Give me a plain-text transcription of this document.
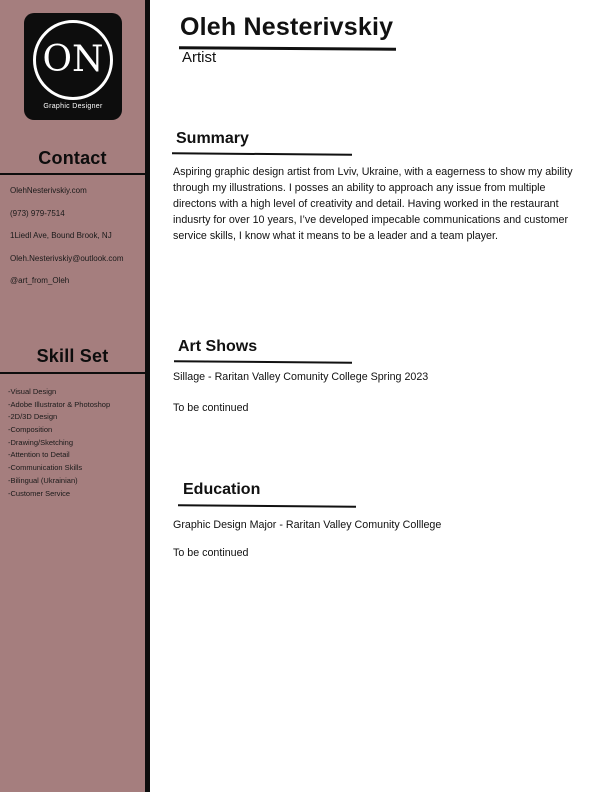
ON
Graphic Designer
Contact
OlehNesterivskiy.com
(973) 979-7514
1Liedl Ave, Bound Brook, NJ
Oleh.Nesterivskiy@outlook.com
@art_from_Oleh
Skill Set
-Visual Design
-Adobe Illustrator & Photoshop
-2D/3D Design
-Composition
-Drawing/Sketching
-Attention to Detail
-Communication Skills
-Bilingual (Ukrainian)
-Customer Service
Oleh Nesterivskiy
Artist
Summary

Aspiring graphic design artist from Lviv, Ukraine, with a eagerness to show my ability through my illustrations. I posses an ability to approach any issue from multiple directons with a high level of creativity and detail. Having worked in the restaurant indusrty for over 10 years, I’ve developed impecable communications and customer service skills, I know what it means to be a leader and a team player.

Art Shows

Sillage - Raritan Valley Comunity College Spring 2023

To be continued

Education

Graphic Design Major - Raritan Valley Comunity Colllege

To be continued
